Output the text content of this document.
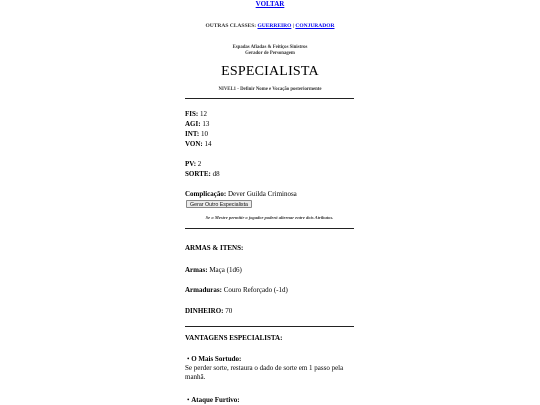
VOLTAR
OUTRAS CLASSES: GUERREIRO | CONJURADOR
Espadas Afiadas & Feitiços Sinistros
Gerador de Personagem
ESPECIALISTA
NIVEL1 - Definir Nome e Vocação posteriormente
FIS: 12
AGI: 13
INT: 10
VON: 14
PV: 2
SORTE: d8
Complicação: Dever Guilda Criminosa
Gerar Outro Especialista
Se o Mestre permitir o jogador poderá alternar entre dois Atributos.
ARMAS & ITENS:
Armas: Maça (1d6)
Armaduras: Couro Reforçado (-1d)
DINHEIRO: 70
VANTAGENS ESPECIALISTA:
• O Mais Sortudo:
Se perder sorte, restaura o dado de sorte em 1 passo pela manhã.
• Ataque Furtivo:
